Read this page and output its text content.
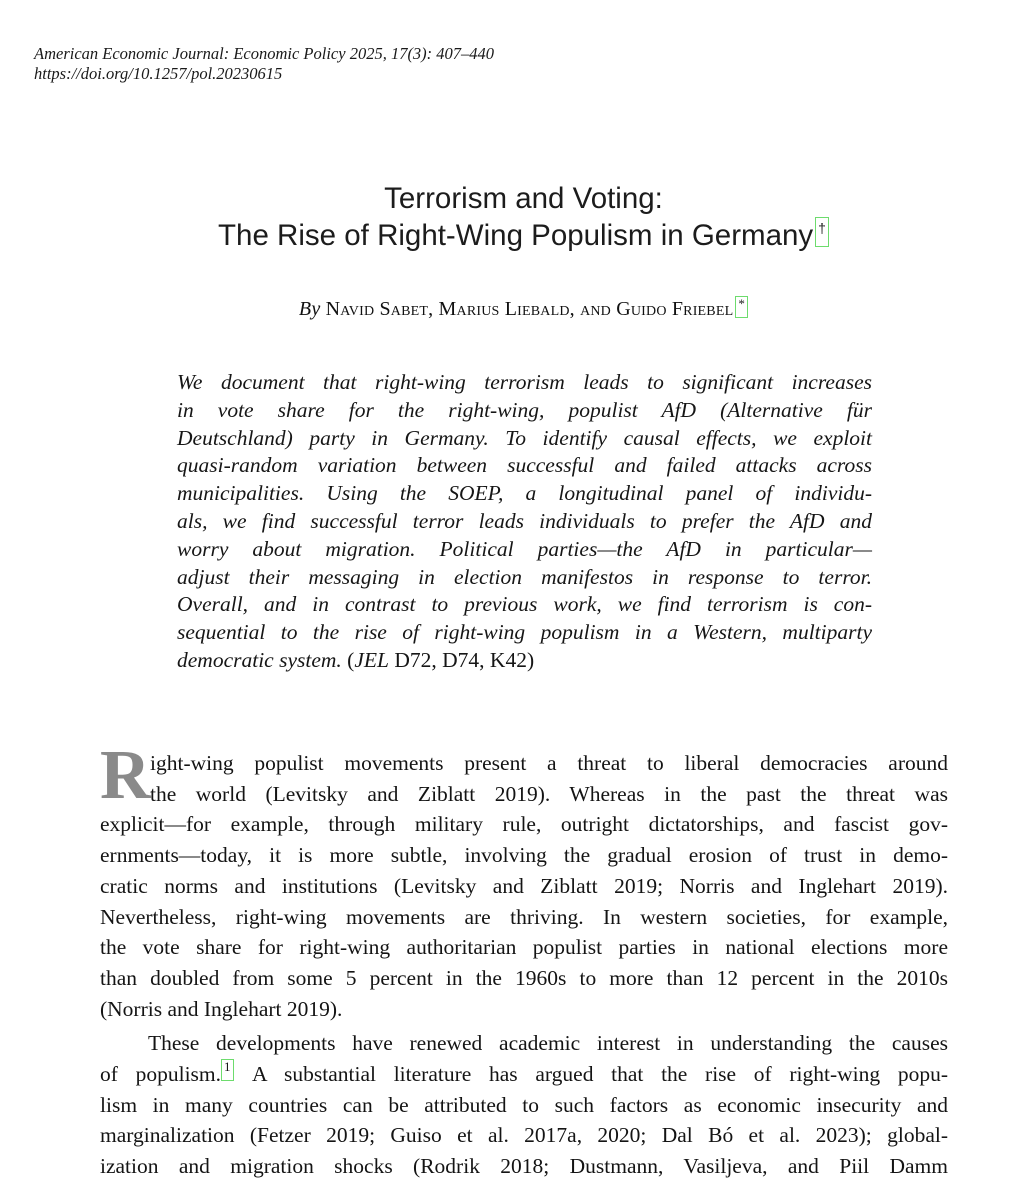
American Economic Journal: Economic Policy 2025, 17(3): 407–440
https://doi.org/10.1257/pol.20230615
Terrorism and Voting:
The Rise of Right-Wing Populism in Germany †
By Navid Sabet, Marius Liebald, and Guido Friebel *
We document that right-wing terrorism leads to significant increases
in vote share for the right-wing, populist AfD (Alternative für
Deutschland) party in Germany. To identify causal effects, we exploit
quasi-random variation between successful and failed attacks across
municipalities. Using the SOEP, a longitudinal panel of individu-
als, we find successful terror leads individuals to prefer the AfD and
worry about migration. Political parties—the AfD in particular—
adjust their messaging in election manifestos in response to terror.
Overall, and in contrast to previous work, we find terrorism is con-
sequential to the rise of right-wing populism in a Western, multiparty
democratic system. (JEL D72, D74, K42)
R ight-wing populist movements present a threat to liberal democracies around
the world (Levitsky and Ziblatt 2019). Whereas in the past the threat was
explicit—for example, through military rule, outright dictatorships, and fascist gov-
ernments—today, it is more subtle, involving the gradual erosion of trust in demo-
cratic norms and institutions (Levitsky and Ziblatt 2019; Norris and Inglehart 2019).
Nevertheless, right-wing movements are thriving. In western societies, for example,
the vote share for right-wing authoritarian populist parties in national elections more
than doubled from some 5 percent in the 1960s to more than 12 percent in the 2010s
(Norris and Inglehart 2019).
These developments have renewed academic interest in understanding the causes
of populism. 1 A substantial literature has argued that the rise of right-wing popu-
lism in many countries can be attributed to such factors as economic insecurity and
marginalization (Fetzer 2019; Guiso et al. 2017a, 2020; Dal Bó et al. 2023); global-
ization and migration shocks (Rodrik 2018; Dustmann, Vasiljeva, and Piil Damm
